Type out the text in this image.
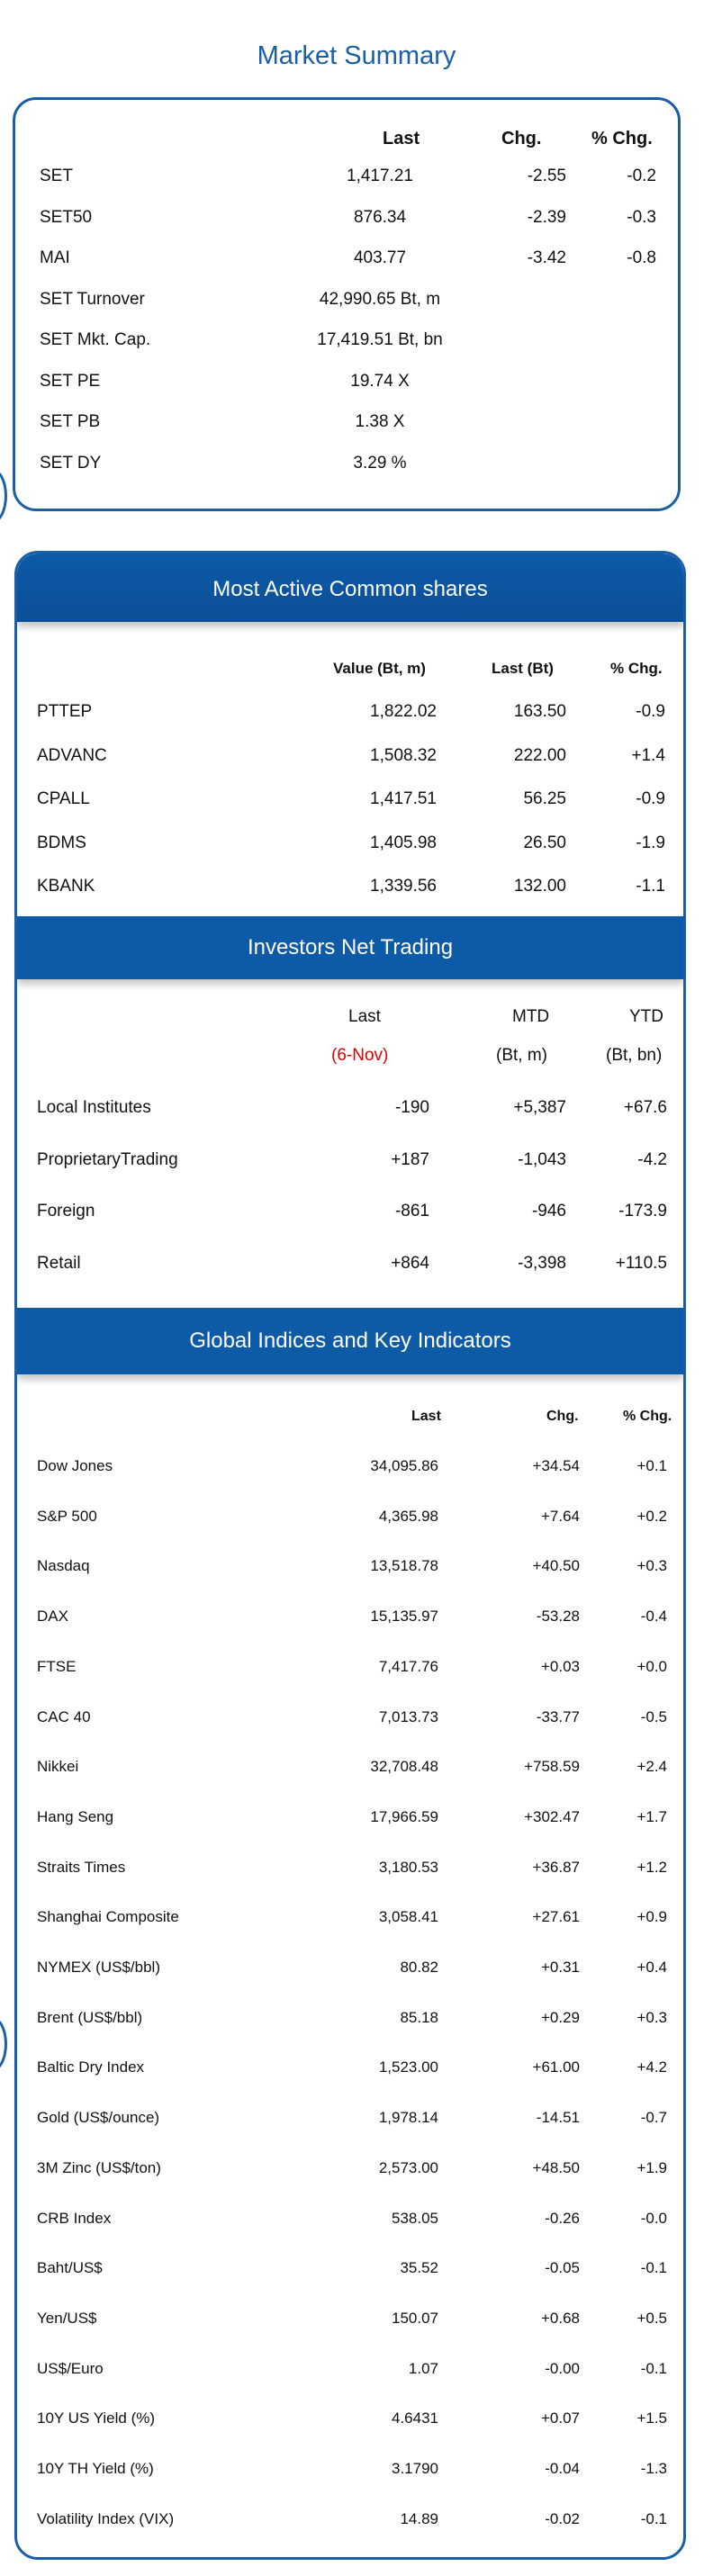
Market Summary
Last	Chg.	% Chg.
SET	1,417.21	-2.55	-0.2
SET50	876.34	-2.39	-0.3
MAI	403.77	-3.42	-0.8
SET Turnover	42,990.65 Bt, m
SET Mkt. Cap.	17,419.51 Bt, bn
SET PE	19.74 X
SET PB	1.38 X
SET DY	3.29 %
Most Active Common shares
Value (Bt, m)	Last (Bt)	% Chg.
PTTEP	1,822.02	163.50	-0.9
ADVANC	1,508.32	222.00	+1.4
CPALL	1,417.51	56.25	-0.9
BDMS	1,405.98	26.50	-1.9
KBANK	1,339.56	132.00	-1.1
Investors Net Trading
Last	MTD	YTD
(6-Nov)	(Bt, m)	(Bt, bn)
Local Institutes	-190	+5,387	+67.6
ProprietaryTrading	+187	-1,043	-4.2
Foreign	-861	-946	-173.9
Retail	+864	-3,398	+110.5
Global Indices and Key Indicators
Last	Chg.	% Chg.
Dow Jones	34,095.86	+34.54	+0.1
S&P 500	4,365.98	+7.64	+0.2
Nasdaq	13,518.78	+40.50	+0.3
DAX	15,135.97	-53.28	-0.4
FTSE	7,417.76	+0.03	+0.0
CAC 40	7,013.73	-33.77	-0.5
Nikkei	32,708.48	+758.59	+2.4
Hang Seng	17,966.59	+302.47	+1.7
Straits Times	3,180.53	+36.87	+1.2
Shanghai Composite	3,058.41	+27.61	+0.9
NYMEX (US$/bbl)	80.82	+0.31	+0.4
Brent (US$/bbl)	85.18	+0.29	+0.3
Baltic Dry Index	1,523.00	+61.00	+4.2
Gold (US$/ounce)	1,978.14	-14.51	-0.7
3M Zinc (US$/ton)	2,573.00	+48.50	+1.9
CRB Index	538.05	-0.26	-0.0
Baht/US$	35.52	-0.05	-0.1
Yen/US$	150.07	+0.68	+0.5
US$/Euro	1.07	-0.00	-0.1
10Y US Yield (%)	4.6431	+0.07	+1.5
10Y TH Yield (%)	3.1790	-0.04	-1.3
Volatility Index (VIX)	14.89	-0.02	-0.1
